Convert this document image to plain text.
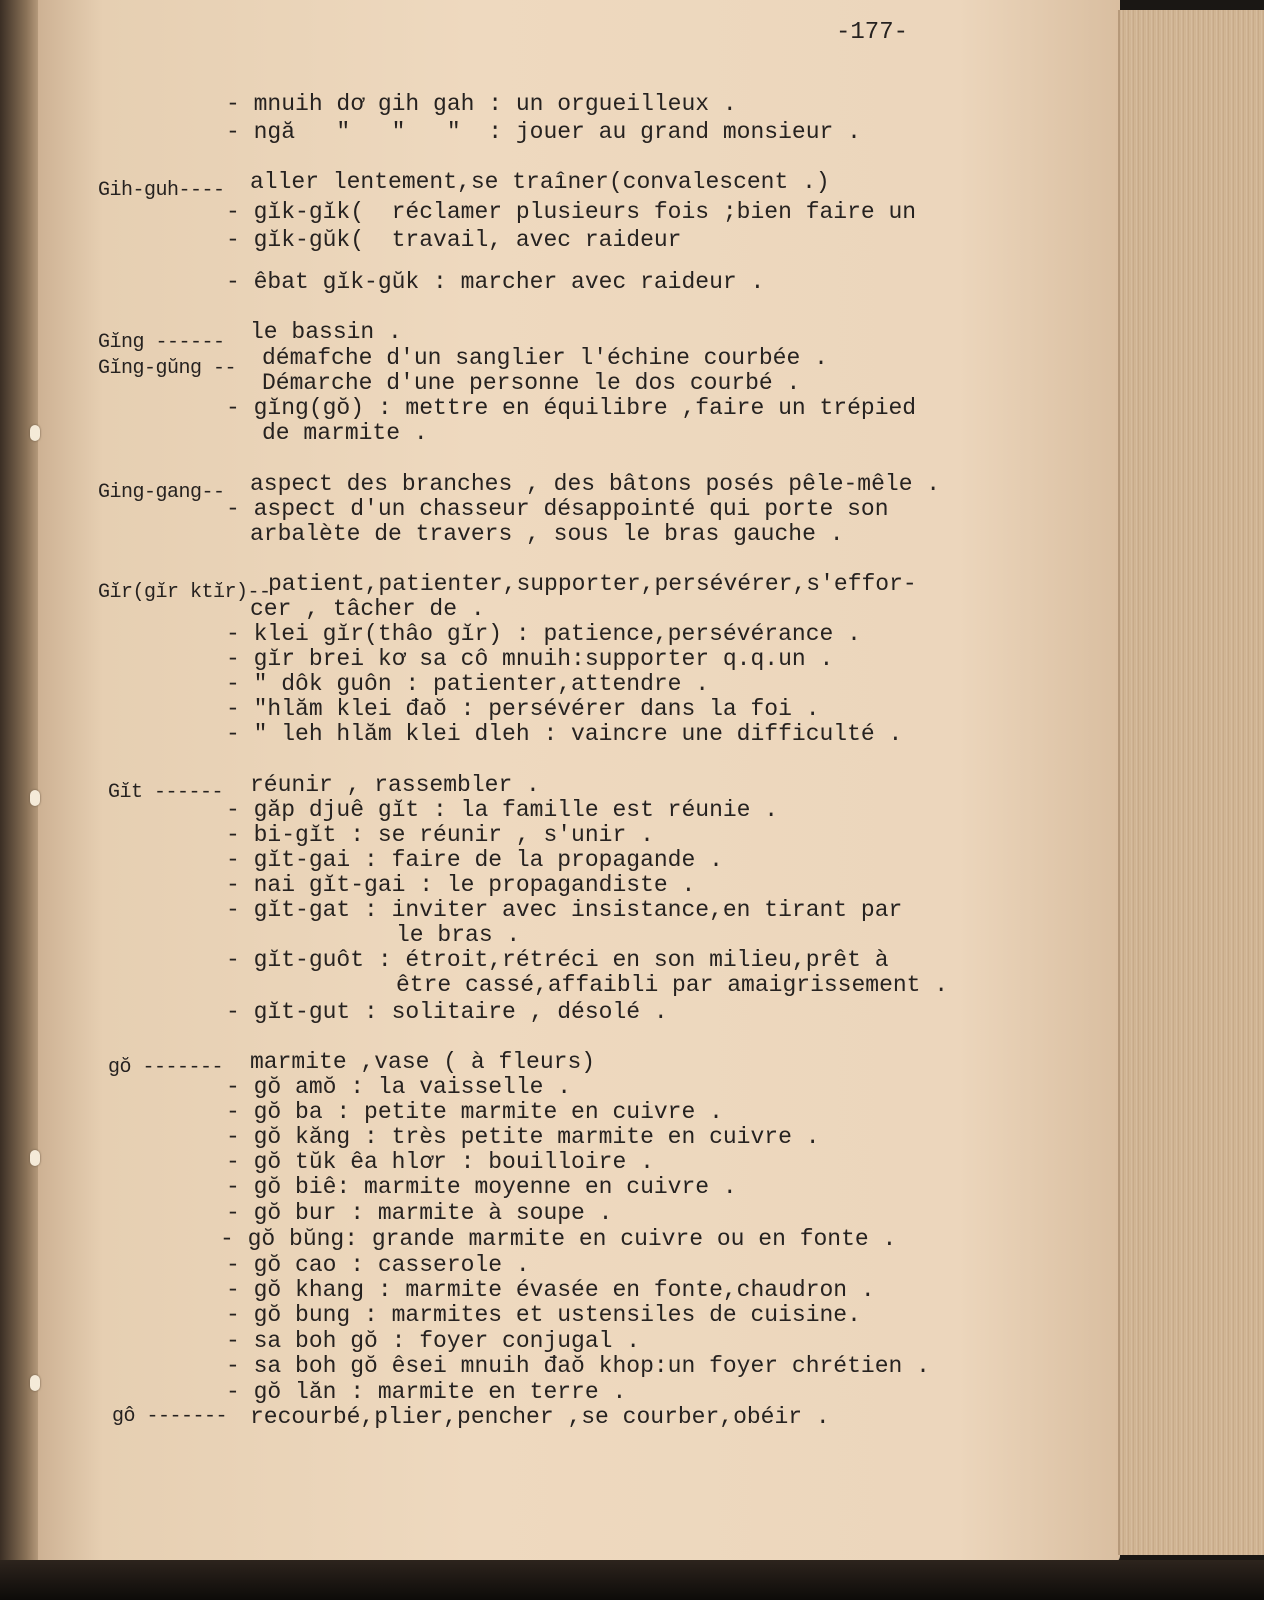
-177-
- mnuih dơ gih gah : un orgueilleux .
- ngă   "   "   "  : jouer au grand monsieur .
Gih-guh---- aller lentement,se traîner(convalescent .)
- gĭk-gĭk(  réclamer plusieurs fois ;bien faire un
- gĭk-gŭk(  travail, avec raideur
- êbat gĭk-gŭk : marcher avec raideur .
Gĭng ------ le bassin .
Gĭng-gŭng -- démafche d'un sanglier l'échine courbée .
Démarche d'une personne le dos courbé .
- gĭng(gŏ) : mettre en équilibre ,faire un trépied
de marmite .
Ging-gang-- aspect des branches , des bâtons posés pêle-mêle .
- aspect d'un chasseur désappointé qui porte son
arbalète de travers , sous le bras gauche .
Gĭr(gĭr ktĭr)--
patient,patienter,supporter,persévérer,s'effor-
cer , tâcher de .
- klei gĭr(thâo gĭr) : patience,persévérance .
- gĭr brei kơ sa cô mnuih:supporter q.q.un .
- " dôk guôn : patienter,attendre .
- "hlăm klei đaŏ : persévérer dans la foi .
- " leh hlăm klei dleh : vaincre une difficulté .
Gĭt ------ réunir , rassembler .
- găp djuê gĭt : la famille est réunie .
- bi-gĭt : se réunir , s'unir .
- gĭt-gai : faire de la propagande .
- nai gĭt-gai : le propagandiste .
- gĭt-gat : inviter avec insistance,en tirant par
le bras .
- gĭt-guôt : étroit,rétréci en son milieu,prêt à
être cassé,affaibli par amaigrissement .
- gĭt-gut : solitaire , désolé .
gŏ ------- marmite ,vase ( à fleurs)
- gŏ amŏ : la vaisselle .
- gŏ ba : petite marmite en cuivre .
- gŏ kăng : très petite marmite en cuivre .
- gŏ tŭk êa hlơr : bouilloire .
- gŏ biê: marmite moyenne en cuivre .
- gŏ bur : marmite à soupe .
- gŏ bŭng: grande marmite en cuivre ou en fonte .
- gŏ cao : casserole .
- gŏ khang : marmite évasée en fonte,chaudron .
- gŏ bung : marmites et ustensiles de cuisine.
- sa boh gŏ : foyer conjugal .
- sa boh gŏ êsei mnuih đaŏ khop:un foyer chrétien .
- gŏ lăn : marmite en terre .
gô ------- recourbé,plier,pencher ,se courber,obéir .
